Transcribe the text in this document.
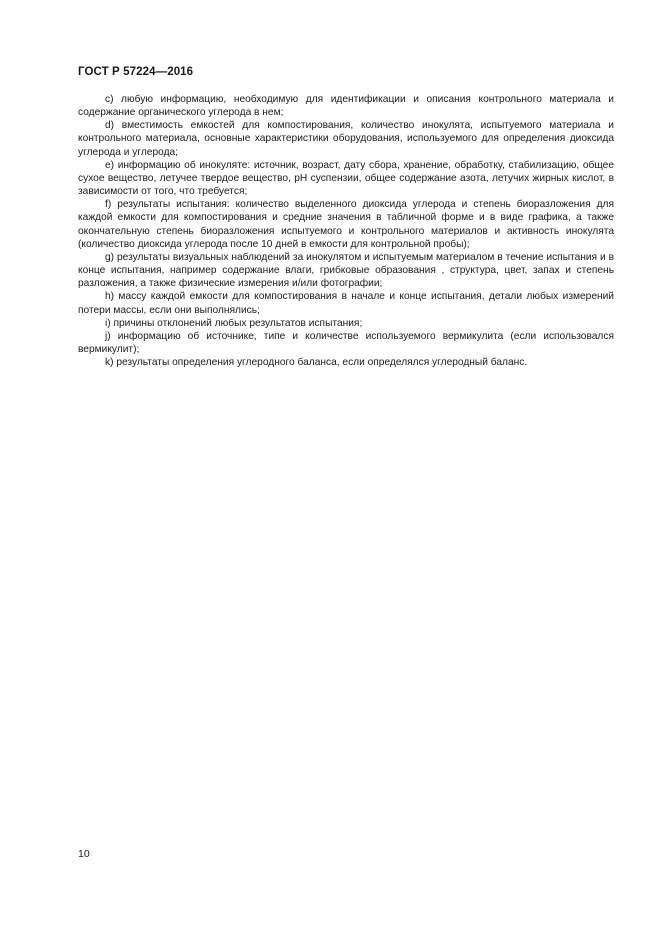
ГОСТ Р 57224—2016

c) любую информацию, необходимую для идентификации и описания контрольного материала и содержание органического углерода в нем;

d) вместимость емкостей для компостирования, количество инокулята, испытуемого материала и контрольного материала, основные характеристики оборудования, используемого для определения диоксида углерода и углерода;

e) информацию об инокуляте: источник, возраст, дату сбора, хранение, обработку, стабилизацию, общее сухое вещество, летучее твердое вещество, pH суспензии, общее содержание азота, летучих жирных кислот, в зависимости от того, что требуется;

f) результаты испытания: количество выделенного диоксида углерода и степень биоразложения для каждой емкости для компостирования и средние значения в табличной форме и в виде графика, а также окончательную степень биоразложения испытуемого и контрольного материалов и активность инокулята (количество диоксида углерода после 10 дней в емкости для контрольной пробы);

g) результаты визуальных наблюдений за инокулятом и испытуемым материалом в течение испытания и в конце испытания, например содержание влаги, грибковые образования , структура, цвет, запах и степень разложения, а также физические измерения и/или фотографии;

h) массу каждой емкости для компостирования в начале и конце испытания, детали любых измерений потери массы, если они выполнялись;

i) причины отклонений любых результатов испытания;

j) информацию об источнике, типе и количестве используемого вермикулита (если использовался вермикулит);

k) результаты определения углеродного баланса, если определялся углеродный баланс.

10
